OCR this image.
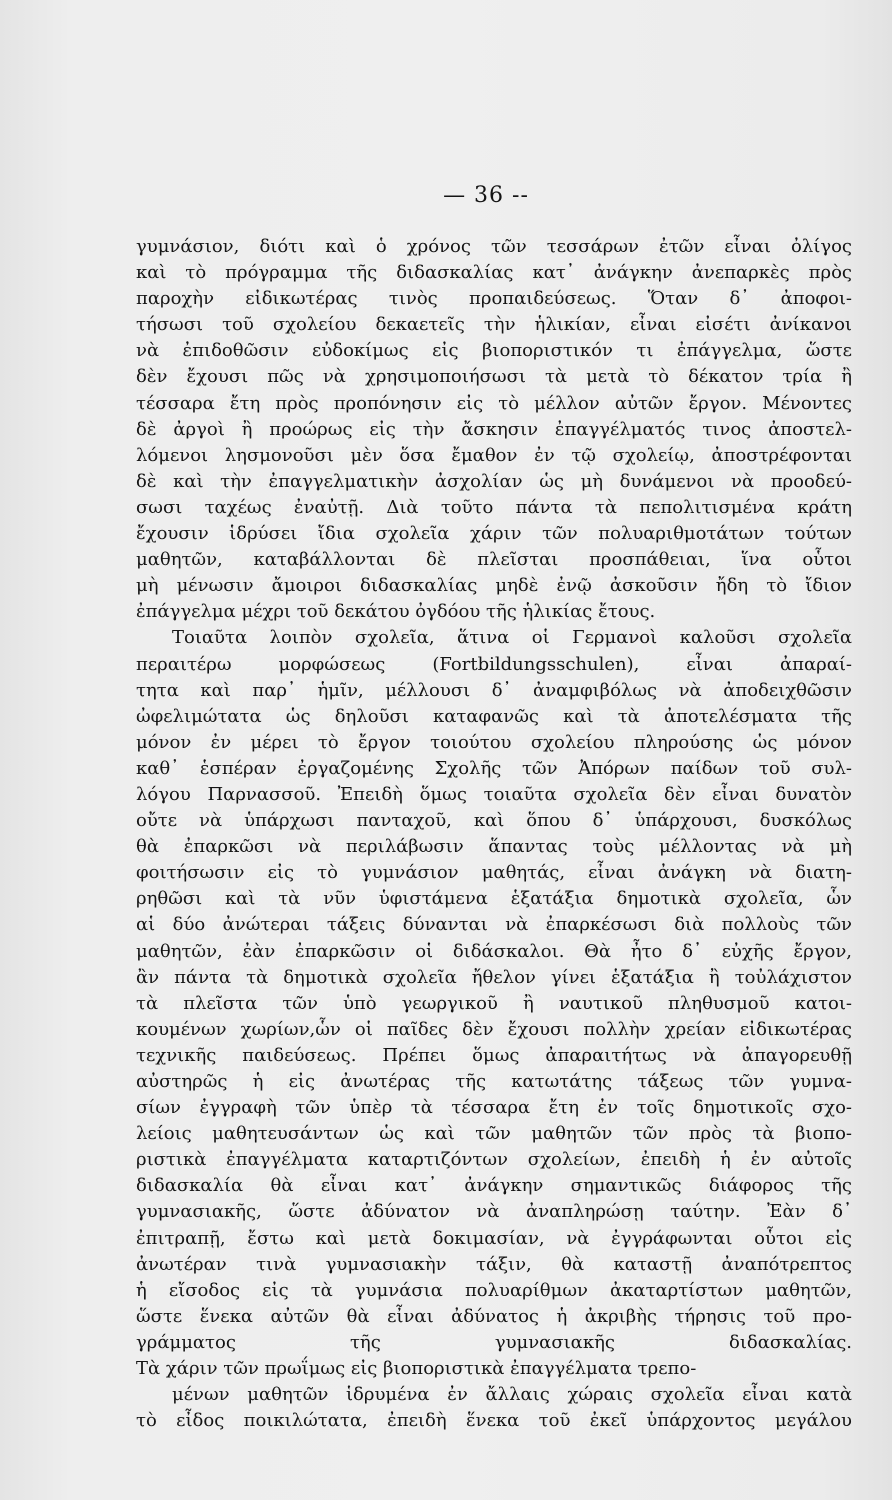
— 36 --
γυμνάσιον, διότι καὶ ὁ χρόνος τῶν τεσσάρων ἐτῶν εἶναι ὀλίγος
καὶ τὸ πρόγραμμα τῆς διδασκαλίας κατ᾽ ἀνάγκην ἀνεπαρκὲς πρὸς
παροχὴν εἰδικωτέρας τινὸς προπαιδεύσεως. Ὅταν δ᾽ ἀποφοι-
τήσωσι τοῦ σχολείου δεκαετεῖς τὴν ἡλικίαν, εἶναι εἰσέτι ἀνίκανοι
νὰ ἐπιδοθῶσιν εὐδοκίμως εἰς βιοποριστικόν τι ἐπάγγελμα, ὥστε
δὲν ἔχουσι πῶς νὰ χρησιμοποιήσωσι τὰ μετὰ τὸ δέκατον τρία ἢ
τέσσαρα ἔτη πρὸς προπόνησιν εἰς τὸ μέλλον αὐτῶν ἔργον. Μένοντες
δὲ ἀργοὶ ἢ προώρως εἰς τὴν ἄσκησιν ἐπαγγέλματός τινος ἀποστελ-
λόμενοι λησμονοῦσι μὲν ὅσα ἔμαθον ἐν τῷ σχολείῳ, ἀποστρέφονται
δὲ καὶ τὴν ἐπαγγελματικὴν ἀσχολίαν ὡς μὴ δυνάμενοι νὰ προοδεύ-
σωσι ταχέως ἐναὐτῇ. Διὰ τοῦτο πάντα τὰ πεπολιτισμένα κράτη
ἔχουσιν ἱδρύσει ἴδια σχολεῖα χάριν τῶν πολυαριθμοτάτων τούτων
μαθητῶν, καταβάλλονται δὲ πλεῖσται προσπάθειαι, ἵνα οὗτοι
μὴ μένωσιν ἄμοιροι διδασκαλίας μηδὲ ἐνῷ ἀσκοῦσιν ἤδη τὸ ἴδιον
ἐπάγγελμα μέχρι τοῦ δεκάτου ὀγδόου τῆς ἡλικίας ἔτους.
Τοιαῦτα λοιπὸν σχολεῖα, ἅτινα οἱ Γερμανοὶ καλοῦσι σχολεῖα
περαιτέρω μορφώσεως (Fortbildungsschulen), εἶναι ἀπαραί-
τητα καὶ παρ᾽ ἡμῖν, μέλλουσι δ᾽ ἀναμφιβόλως νὰ ἀποδειχθῶσιν
ὠφελιμώτατα ὡς δηλοῦσι καταφανῶς καὶ τὰ ἀποτελέσματα τῆς
μόνον ἐν μέρει τὸ ἔργον τοιούτου σχολείου πληρούσης ὡς μόνον
καθ᾽ ἑσπέραν ἐργαζομένης Σχολῆς τῶν Ἀπόρων παίδων τοῦ συλ-
λόγου Παρνασσοῦ. Ἐπειδὴ ὅμως τοιαῦτα σχολεῖα δὲν εἶναι δυνατὸν
οὔτε νὰ ὑπάρχωσι πανταχοῦ, καὶ ὅπου δ᾽ ὑπάρχουσι, δυσκόλως
θὰ ἐπαρκῶσι νὰ περιλάβωσιν ἅπαντας τοὺς μέλλοντας νὰ μὴ
φοιτήσωσιν εἰς τὸ γυμνάσιον μαθητάς, εἶναι ἀνάγκη νὰ διατη-
ρηθῶσι καὶ τὰ νῦν ὑφιστάμενα ἑξατάξια δημοτικὰ σχολεῖα, ὧν
αἱ δύο ἀνώτεραι τάξεις δύνανται νὰ ἐπαρκέσωσι διὰ πολλοὺς τῶν
μαθητῶν, ἐὰν ἐπαρκῶσιν οἱ διδάσκαλοι. Θὰ ἦτο δ᾽ εὐχῆς ἔργον,
ἂν πάντα τὰ δημοτικὰ σχολεῖα ἤθελον γίνει ἑξατάξια ἢ τοὐλάχιστον
τὰ πλεῖστα τῶν ὑπὸ γεωργικοῦ ἢ ναυτικοῦ πληθυσμοῦ κατοι-
κουμένων χωρίων,ὧν οἱ παῖδες δὲν ἔχουσι πολλὴν χρείαν εἰδικωτέρας
τεχνικῆς παιδεύσεως. Πρέπει ὅμως ἀπαραιτήτως νὰ ἀπαγορευθῇ
αὐστηρῶς ἡ εἰς ἀνωτέρας τῆς κατωτάτης τάξεως τῶν γυμνα-
σίων ἐγγραφὴ τῶν ὑπὲρ τὰ τέσσαρα ἔτη ἐν τοῖς δημοτικοῖς σχο-
λείοις μαθητευσάντων ὡς καὶ τῶν μαθητῶν τῶν πρὸς τὰ βιοπο-
ριστικὰ ἐπαγγέλματα καταρτιζόντων σχολείων, ἐπειδὴ ἡ ἐν αὐτοῖς
διδασκαλία θὰ εἶναι κατ᾽ ἀνάγκην σημαντικῶς διάφορος τῆς
γυμνασιακῆς, ὥστε ἀδύνατον νὰ ἀναπληρώσῃ ταύτην. Ἐὰν δ᾽
ἐπιτραπῇ, ἔστω καὶ μετὰ δοκιμασίαν, νὰ ἐγγράφωνται οὗτοι εἰς
ἀνωτέραν τινὰ γυμνασιακὴν τάξιν, θὰ καταστῇ ἀναπότρεπτος
ἡ εἴσοδος εἰς τὰ γυμνάσια πολυαρίθμων ἀκαταρτίστων μαθητῶν,
ὥστε ἕνεκα αὐτῶν θὰ εἶναι ἀδύνατος ἡ ἀκριβὴς τήρησις τοῦ προ-
γράμματος τῆς γυμνασιακῆς διδασκαλίας.
Τὰ χάριν τῶν πρωΐμως εἰς βιοποριστικὰ ἐπαγγέλματα τρεπο-
μένων μαθητῶν ἱδρυμένα ἐν ἄλλαις χώραις σχολεῖα εἶναι κατὰ
τὸ εἶδος ποικιλώτατα, ἐπειδὴ ἕνεκα τοῦ ἐκεῖ ὑπάρχοντος μεγάλου
